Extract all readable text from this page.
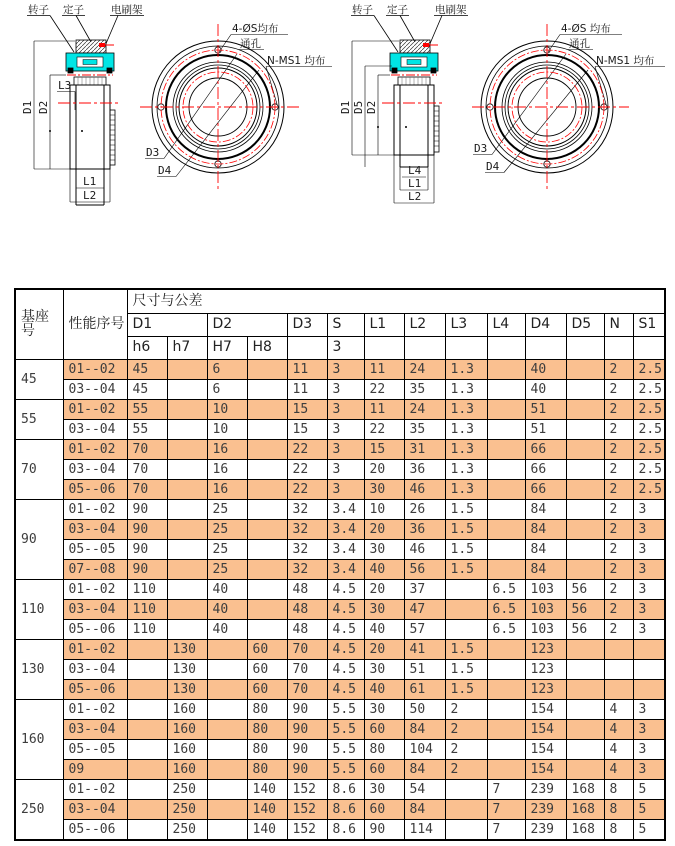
转子 定子	电刷架
D1 D2
L3
L1
L2
4-ØS均布
通孔
N-MS1 均布
D3
D4
转子 定子	电刷架
D1 D5 D2
L4
L1
L2
4-ØS 均布
通孔
N-MS1 均布
D3
D4
基座号	性能序号	尺寸与公差													
		D1		D2		D3	S	L1	L2	L3	L4	D4	D5	N	S1
		h6	h7	H7	H8		3								
45	01--02	45		6		11	3	11	24	1.3		40		2	2.5
	03--04	45		6		11	3	22	35	1.3		40		2	2.5
55	01--02	55		10		15	3	11	24	1.3		51		2	2.5
	03--04	55		10		15	3	22	35	1.3		51		2	2.5
70	01--02	70		16		22	3	15	31	1.3		66		2	2.5
	03--04	70		16		22	3	20	36	1.3		66		2	2.5
	05--06	70		16		22	3	30	46	1.3		66		2	2.5
90	01--02	90		25		32	3.4	10	26	1.5		84		2	3
	03--04	90		25		32	3.4	20	36	1.5		84		2	3
	05--05	90		25		32	3.4	30	46	1.5		84		2	3
	07--08	90		25		32	3.4	40	56	1.5		84		2	3
110	01--02	110		40		48	4.5	20	37		6.5	103	56	2	3
	03--04	110		40		48	4.5	30	47		6.5	103	56	2	3
	05--06	110		40		48	4.5	40	57		6.5	103	56	2	3
130	01--02		130		60	70	4.5	20	41	1.5		123			
	03--04		130		60	70	4.5	30	51	1.5		123			
	05--06		130		60	70	4.5	40	61	1.5		123			
160	01--02		160		80	90	5.5	30	50	2		154		4	3
	03--04		160		80	90	5.5	60	84	2		154		4	3
	05--05		160		80	90	5.5	80	104	2		154		4	3
	09		160		80	90	5.5	60	84	2		154		4	3
250	01--02		250		140	152	8.6	30	54		7	239	168	8	5
	03--04		250		140	152	8.6	60	84		7	239	168	8	5
	05--06		250		140	152	8.6	90	114		7	239	168	8	5
